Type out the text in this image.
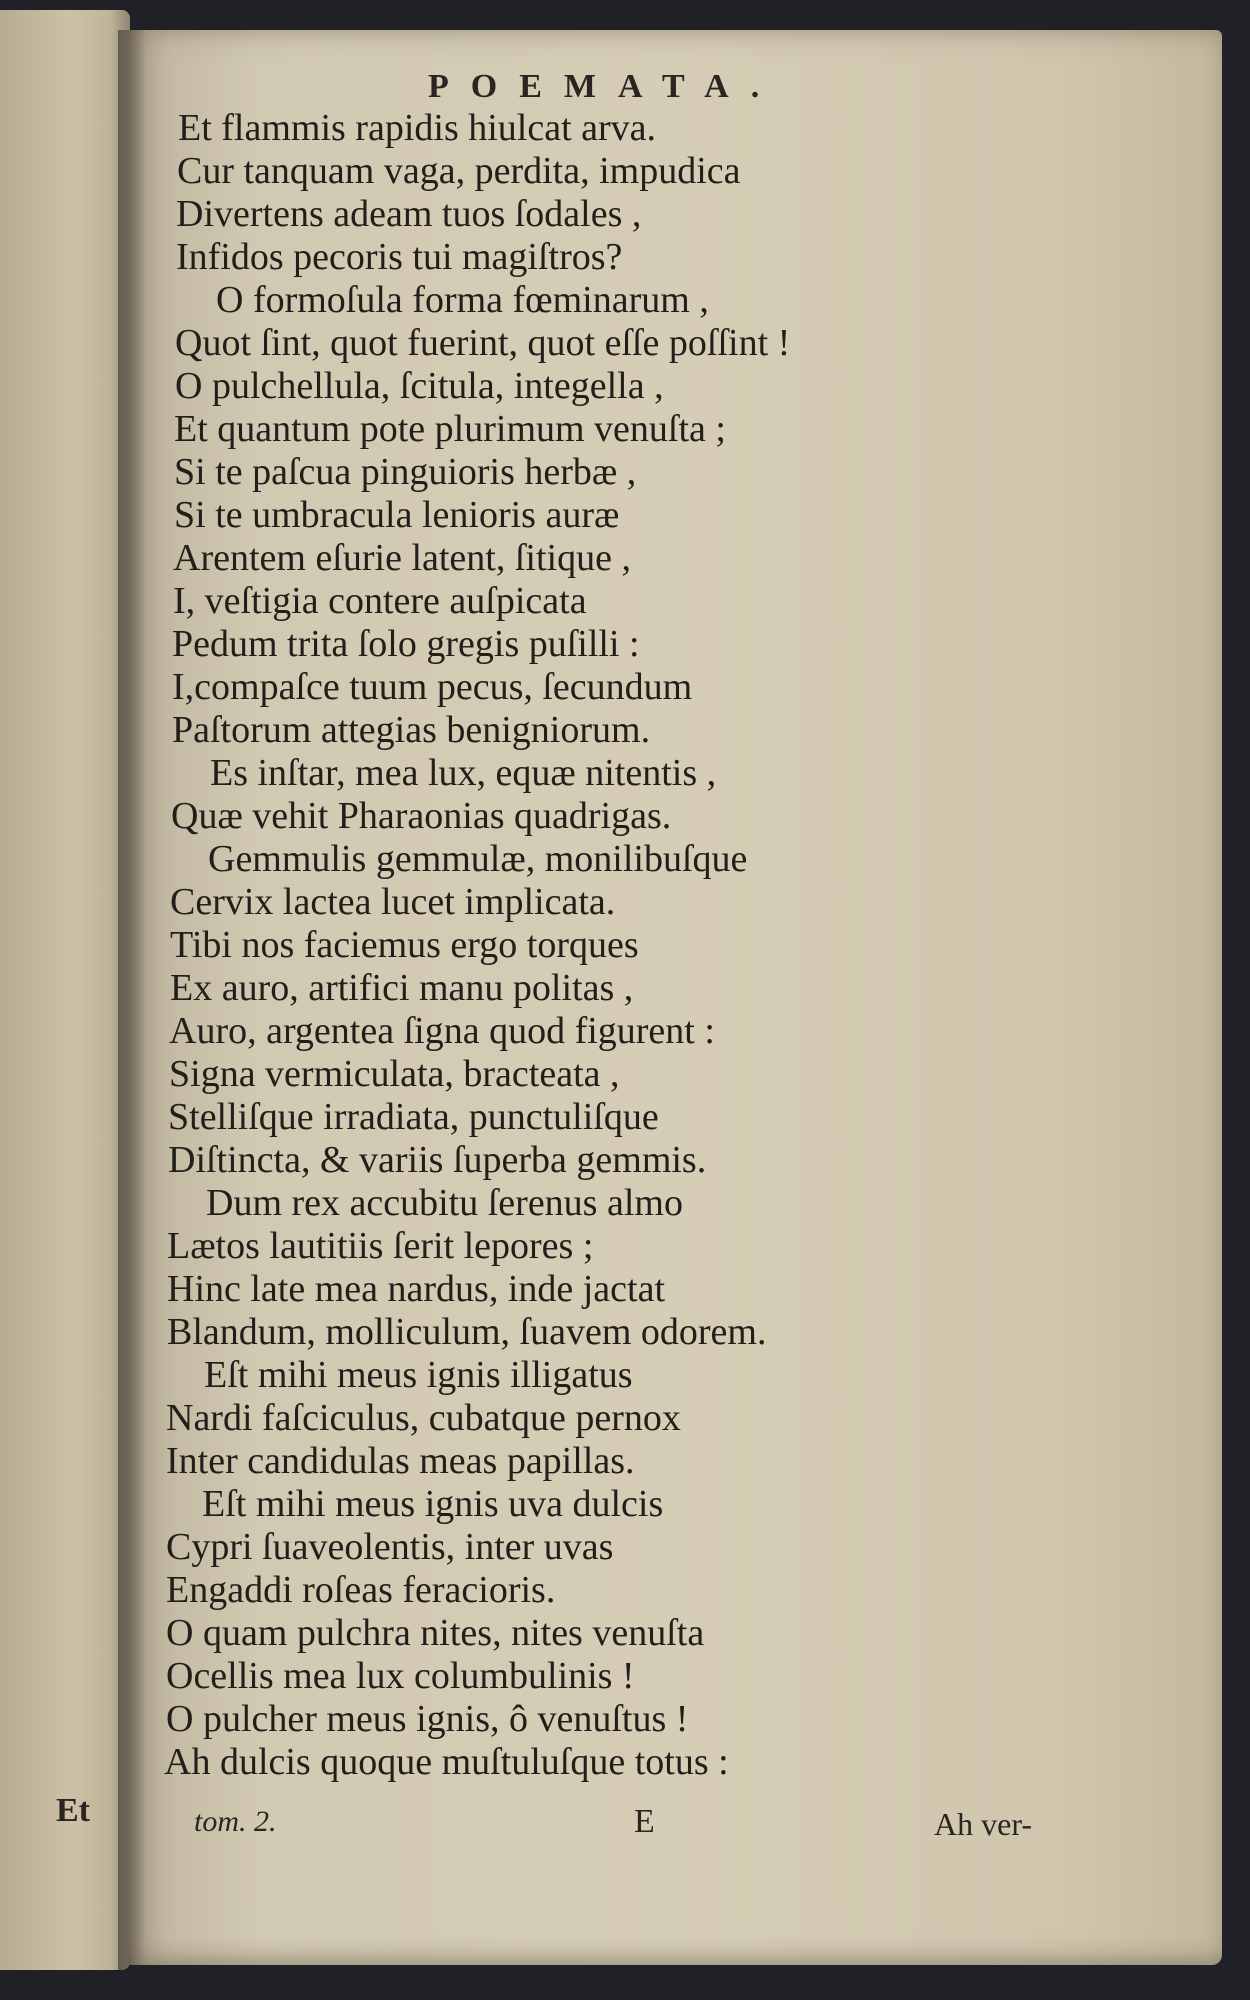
Et
POEMATA.
Et flammis rapidis hiulcat arva.
Cur tanquam vaga, perdita, impudica
Divertens adeam tuos ſodales ,
Infidos pecoris tui magiſtros?
O formoſula forma fœminarum ,
Quot ſint, quot fuerint, quot eſſe poſſint !
O pulchellula, ſcitula, integella ,
Et quantum pote plurimum venuſta ;
Si te paſcua pinguioris herbæ ,
Si te umbracula lenioris auræ
Arentem eſurie latent, ſitique ,
I, veſtigia contere auſpicata
Pedum trita ſolo gregis puſilli :
I,compaſce tuum pecus, ſecundum
Paſtorum attegias benigniorum.
Es inſtar, mea lux, equæ nitentis ,
Quæ vehit Pharaonias quadrigas.
Gemmulis gemmulæ, monilibuſque
Cervix lactea lucet implicata.
Tibi nos faciemus ergo torques
Ex auro, artifici manu politas ,
Auro, argentea ſigna quod figurent :
Signa vermiculata, bracteata ,
Stelliſque irradiata, punctuliſque
Diſtincta, & variis ſuperba gemmis.
Dum rex accubitu ſerenus almo
Lætos lautitiis ſerit lepores ;
Hinc late mea nardus, inde jactat
Blandum, molliculum, ſuavem odorem.
Eſt mihi meus ignis illigatus
Nardi faſciculus, cubatque pernox
Inter candidulas meas papillas.
Eſt mihi meus ignis uva dulcis
Cypri ſuaveolentis, inter uvas
Engaddi roſeas feracioris.
O quam pulchra nites, nites venuſta
Ocellis mea lux columbulinis !
O pulcher meus ignis, ô venuſtus !
Ah dulcis quoque muſtuluſque totus :
tom. 2.	E	Ah ver-
